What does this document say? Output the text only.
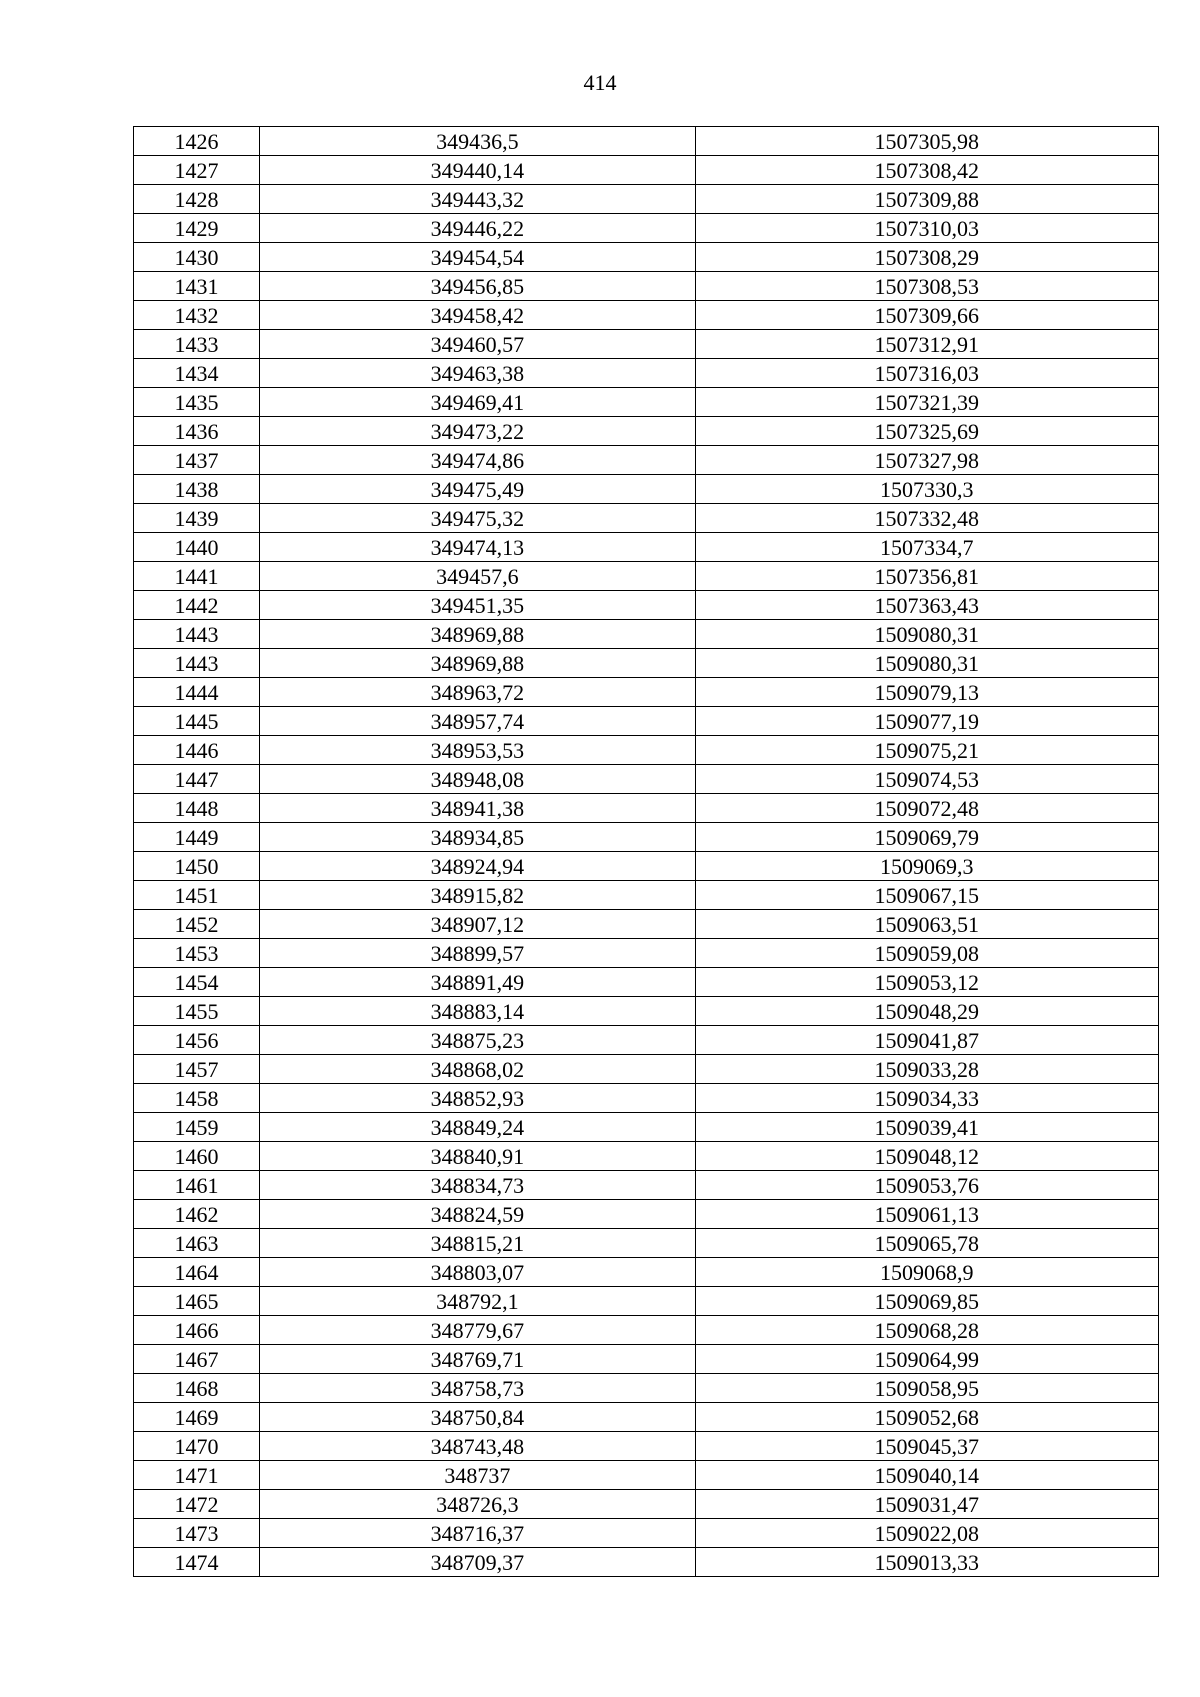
414
1426	349436,5	1507305,98
1427	349440,14	1507308,42
1428	349443,32	1507309,88
1429	349446,22	1507310,03
1430	349454,54	1507308,29
1431	349456,85	1507308,53
1432	349458,42	1507309,66
1433	349460,57	1507312,91
1434	349463,38	1507316,03
1435	349469,41	1507321,39
1436	349473,22	1507325,69
1437	349474,86	1507327,98
1438	349475,49	1507330,3
1439	349475,32	1507332,48
1440	349474,13	1507334,7
1441	349457,6	1507356,81
1442	349451,35	1507363,43
1443	348969,88	1509080,31
1443	348969,88	1509080,31
1444	348963,72	1509079,13
1445	348957,74	1509077,19
1446	348953,53	1509075,21
1447	348948,08	1509074,53
1448	348941,38	1509072,48
1449	348934,85	1509069,79
1450	348924,94	1509069,3
1451	348915,82	1509067,15
1452	348907,12	1509063,51
1453	348899,57	1509059,08
1454	348891,49	1509053,12
1455	348883,14	1509048,29
1456	348875,23	1509041,87
1457	348868,02	1509033,28
1458	348852,93	1509034,33
1459	348849,24	1509039,41
1460	348840,91	1509048,12
1461	348834,73	1509053,76
1462	348824,59	1509061,13
1463	348815,21	1509065,78
1464	348803,07	1509068,9
1465	348792,1	1509069,85
1466	348779,67	1509068,28
1467	348769,71	1509064,99
1468	348758,73	1509058,95
1469	348750,84	1509052,68
1470	348743,48	1509045,37
1471	348737	1509040,14
1472	348726,3	1509031,47
1473	348716,37	1509022,08
1474	348709,37	1509013,33
